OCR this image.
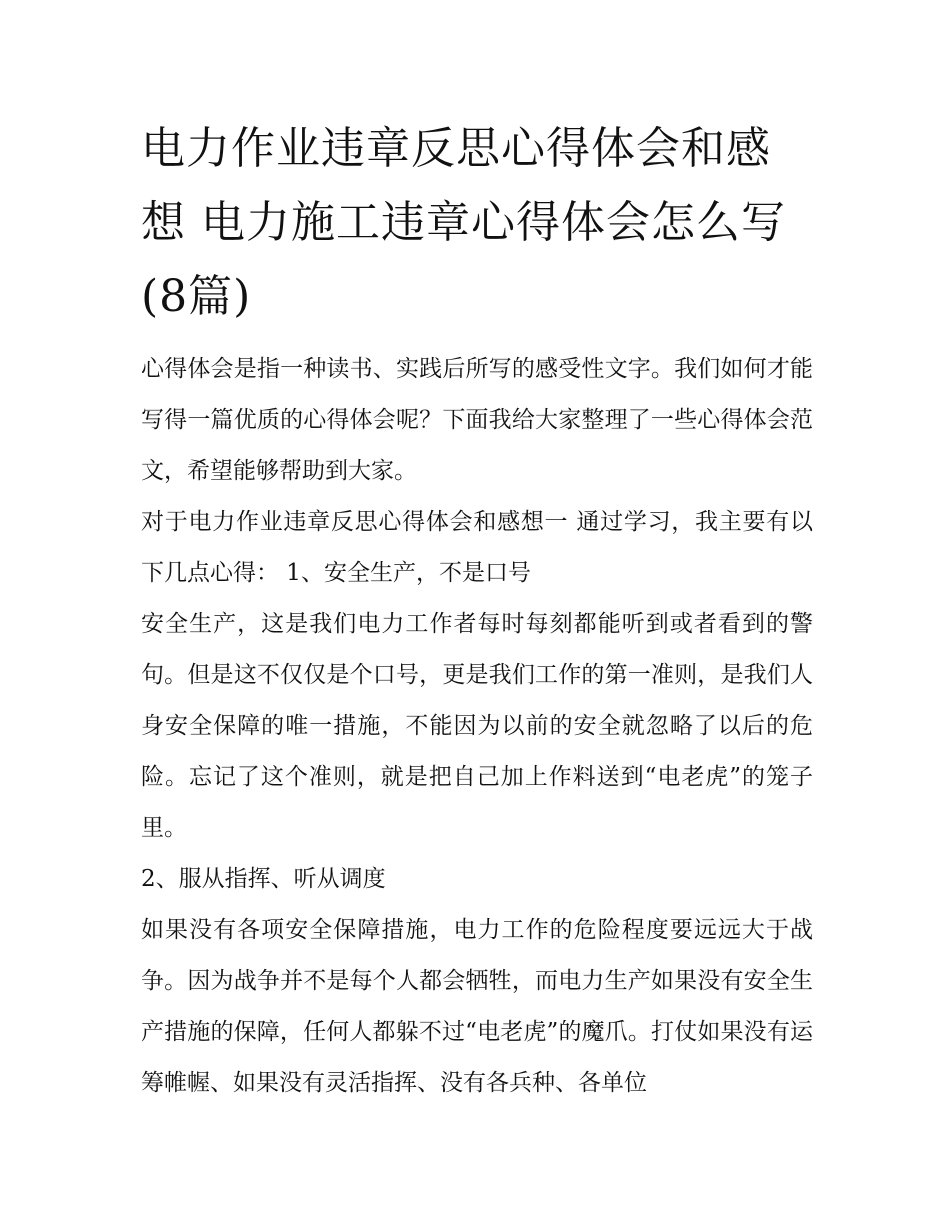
电力作业违章反思心得体会和感想 电力施工违章心得体会怎么写(8篇)

心得体会是指一种读书、实践后所写的感受性文字。我们如何才能写得一篇优质的心得体会呢？下面我给大家整理了一些心得体会范文，希望能够帮助到大家。

对于电力作业违章反思心得体会和感想一 通过学习，我主要有以下几点心得： 1、安全生产，不是口号

安全生产，这是我们电力工作者每时每刻都能听到或者看到的警句。但是这不仅仅是个口号，更是我们工作的第一准则，是我们人身安全保障的唯一措施，不能因为以前的安全就忽略了以后的危险。忘记了这个准则，就是把自己加上作料送到“电老虎”的笼子里。

2、服从指挥、听从调度

如果没有各项安全保障措施，电力工作的危险程度要远远大于战争。因为战争并不是每个人都会牺牲，而电力生产如果没有安全生产措施的保障，任何人都躲不过“电老虎”的魔爪。打仗如果没有运筹帷幄、如果没有灵活指挥、没有各兵种、各单位
